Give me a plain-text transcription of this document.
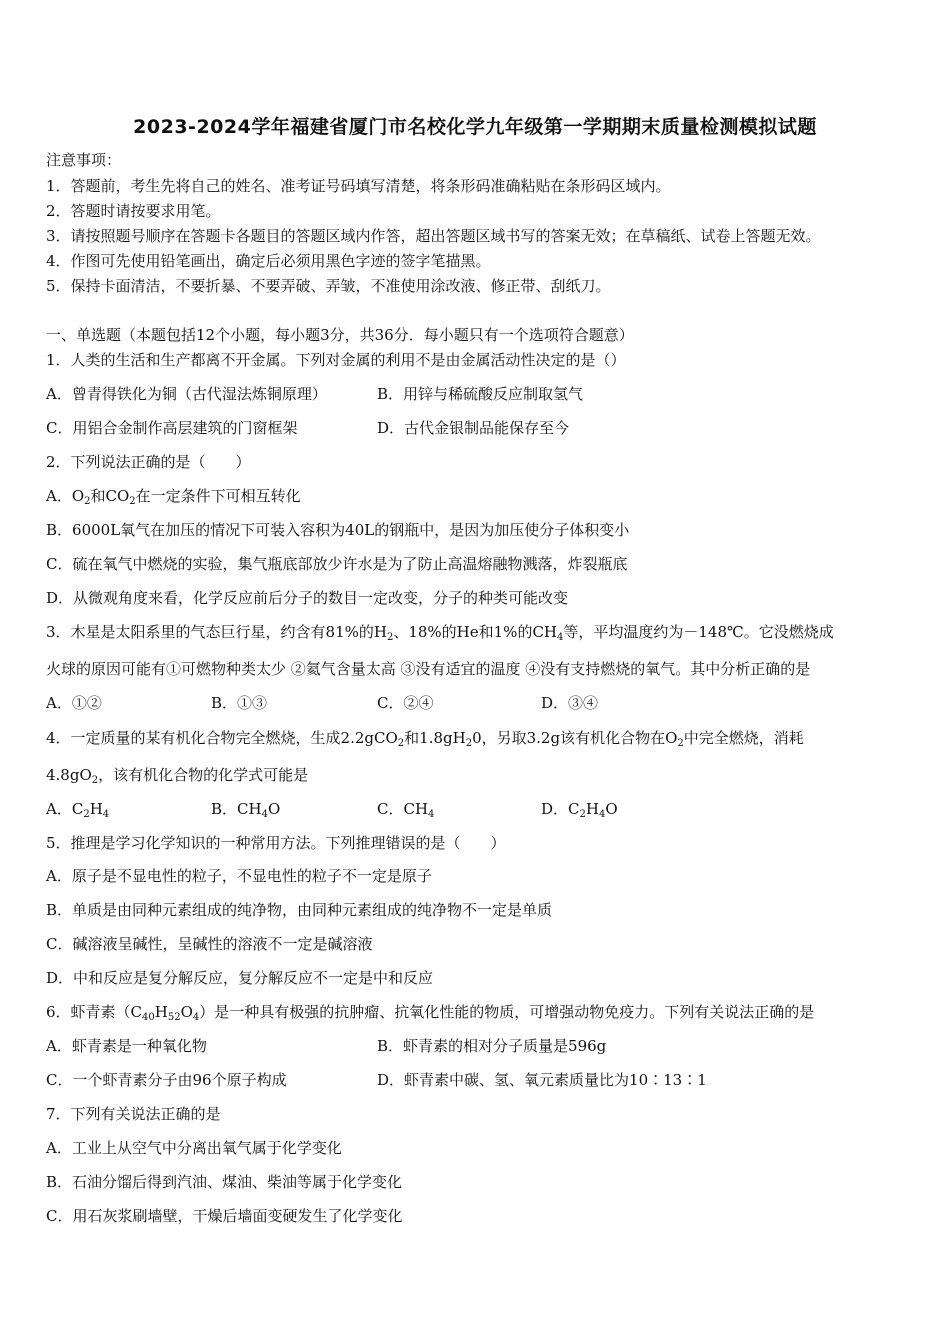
2023-2024学年福建省厦门市名校化学九年级第一学期期末质量检测模拟试题
注意事项：
1．答题前，考生先将自己的姓名、准考证号码填写清楚，将条形码准确粘贴在条形码区域内。
2．答题时请按要求用笔。
3．请按照题号顺序在答题卡各题目的答题区域内作答，超出答题区域书写的答案无效；在草稿纸、试卷上答题无效。
4．作图可先使用铅笔画出，确定后必须用黑色字迹的签字笔描黑。
5．保持卡面清洁，不要折暴、不要弄破、弄皱，不准使用涂改液、修正带、刮纸刀。
一、单选题（本题包括12个小题，每小题3分，共36分．每小题只有一个选项符合题意）
1．人类的生活和生产都离不开金属。下列对金属的利用不是由金属活动性决定的是（）
A．曾青得铁化为铜（古代湿法炼铜原理）	B．用锌与稀硫酸反应制取氢气
C．用铝合金制作高层建筑的门窗框架	D．古代金银制品能保存至今
2．下列说法正确的是（　　）
A．$O_2$和$CO_2$在一定条件下可相互转化
B．6000L氧气在加压的情况下可装入容积为40L的钢瓶中，是因为加压使分子体积变小
C．硫在氧气中燃烧的实验，集气瓶底部放少许水是为了防止高温熔融物溅落，炸裂瓶底
D．从微观角度来看，化学反应前后分子的数目一定改变，分子的种类可能改变
3．木星是太阳系里的气态巨行星，约含有81%的$H_2$、18%的He和1%的$CH_4$等，平均温度约为－148℃。它没燃烧成
火球的原因可能有①可燃物种类太少 ②氦气含量太高 ③没有适宜的温度 ④没有支持燃烧的氧气。其中分析正确的是
A．①②	B．①③	C．②④	D．③④
4．一定质量的某有机化合物完全燃烧，生成2.2gCO$_2$和$1.8gH_20$，另取3.2g该有机化合物在$O_2$中完全燃烧，消耗
$4.8gO_2$，该有机化合物的化学式可能是
A．$C_2H_4$	B．$CH_4O$	C．$CH_4$	D．$C_2H_4O$
5．推理是学习化学知识的一种常用方法。下列推理错误的是（　　）
A．原子是不显电性的粒子，不显电性的粒子不一定是原子
B．单质是由同种元素组成的纯净物，由同种元素组成的纯净物不一定是单质
C．碱溶液呈碱性，呈碱性的溶液不一定是碱溶液
D．中和反应是复分解反应，复分解反应不一定是中和反应
6．虾青素$(C_{40}H_{52}O_4)$是一种具有极强的抗肿瘤、抗氧化性能的物质，可增强动物免疫力。下列有关说法正确的是
A．虾青素是一种氧化物	B．虾青素的相对分子质量是596g
C．一个虾青素分子由96个原子构成	D．虾青素中碳、氢、氧元素质量比为10∶13∶1
7．下列有关说法正确的是
A．工业上从空气中分离出氧气属于化学变化
B．石油分馏后得到汽油、煤油、柴油等属于化学变化
C．用石灰浆刷墙壁，干燥后墙面变硬发生了化学变化
